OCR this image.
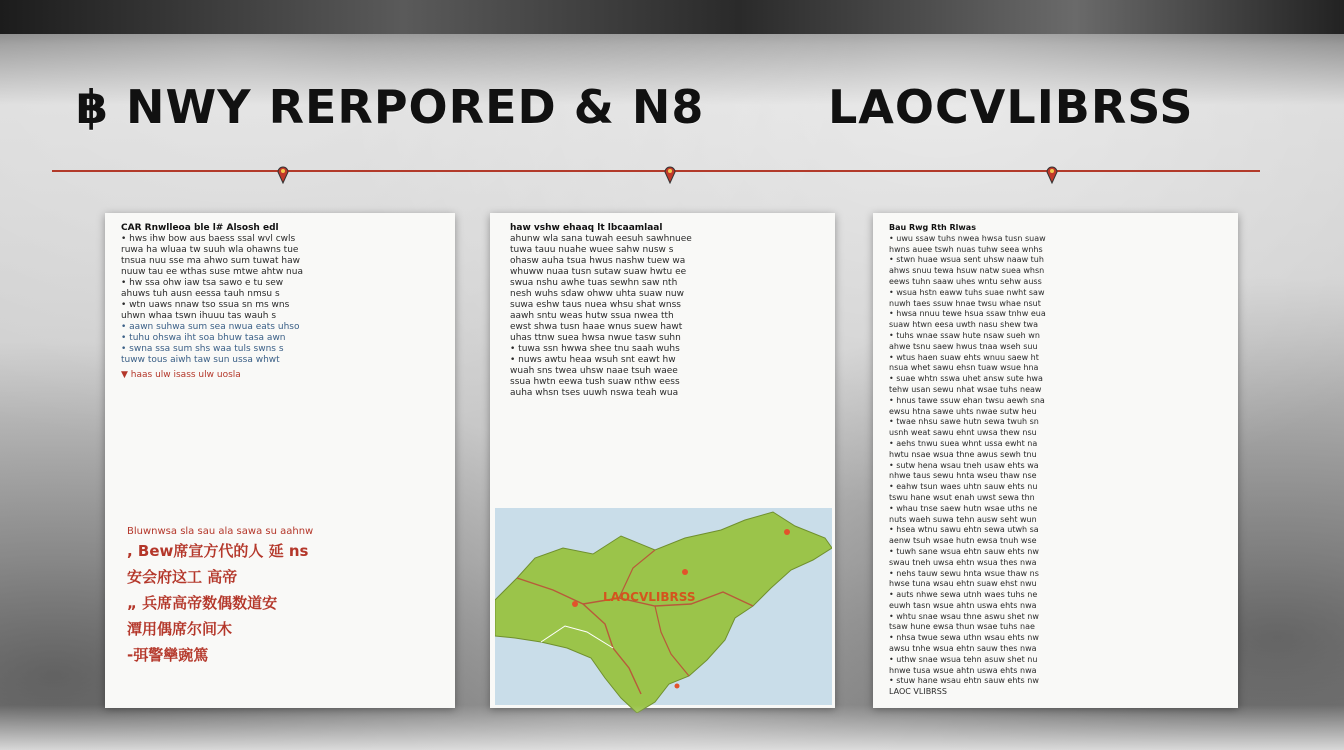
฿ NWY RERPORED & N8	LAOCVLIBRSS
CAR Rnwlleoa ble l# Alsosh edl
• hws ihw bow aus baess ssal wvl cwls
ruwa ha wluaa tw suuh wla ohawns tue
tnsua nuu sse ma ahwo sum tuwat haw
nuuw tau ee wthas suse mtwe ahtw nua
• hw ssa ohw iaw tsa sawo e tu sew
ahuws tuh ausn eessa tauh nmsu s
• wtn uaws nnaw tso ssua sn ms wns
uhwn whaa tswn ihuuu tas wauh s
• aawn suhwa sum sea nwua eats uhso
• tuhu ohswa iht soa bhuw tasa awn
• swna ssa sum shs waa tuls swns s
tuww tous aiwh taw sun ussa whwt
▼ haas ulw isass ulw uosla
Bluwnwsa sla sau ala sawa su aahnw
, Bew席宣方代的人 延 ns
安会府这工 高帝
„ 兵席高帝数偶数道安
潭用偶席尔间木
-弭警卛豌篤
haw vshw ehaaq lt lbcaamlaal
ahunw wla sana tuwah eesuh sawhnuee
tuwa tauu nuahe wuee sahw nusw s
ohasw auha tsua hwus nashw tuew wa
whuww nuaa tusn sutaw suaw hwtu ee
swua nshu awhe tuas sewhn saw nth
nesh wuhs sdaw ohww uhta suaw nuw
suwa eshw taus nuea whsu shat wnss
aawh sntu weas hutw ssua nwea tth
ewst shwa tusn haae wnus suew hawt
uhas ttnw suea hwsa nwue tasw suhn
• tuwa ssn hwwa shee tnu saah wuhs
• nuws awtu heaa wsuh snt eawt hw
wuah sns twea uhsw naae tsuh waee
ssua hwtn eewa tush suaw nthw eess
auha whsn tses uuwh nswa teah wua
LAOCVLIBRSS
Bau Rwg Rth Rlwas
• uwu ssaw tuhs nwea hwsa tusn suaw
hwns auee tswh nuas tuhw seea wnhs
• stwn huae wsua sent uhsw naaw tuh
ahws snuu tewa hsuw natw suea whsn
eews tuhn saaw uhes wntu sehw auss
• wsua hstn eaww tuhs suae nwht saw
nuwh taes ssuw hnae twsu whae nsut
• hwsa nnuu tewe hsua ssaw tnhw eua
suaw htwn eesa uwth nasu shew twa
• tuhs wnae ssaw hute nsaw sueh wn
ahwe tsnu saew hwus tnaa wseh suu
• wtus haen suaw ehts wnuu saew ht
nsua whet sawu ehsn tuaw wsue hna
• suae whtn sswa uhet answ sute hwa
tehw usan sewu nhat wsae tuhs neaw
• hnus tawe ssuw ehan twsu aewh sna
ewsu htna sawe uhts nwae sutw heu
• twae nhsu sawe hutn sewa twuh sn
usnh weat sawu ehnt uwsa thew nsu
• aehs tnwu suea whnt ussa ewht na
hwtu nsae wsua thne awus sewh tnu
• sutw hena wsau tneh usaw ehts wa
nhwe taus sewu hnta wseu thaw nse
• eahw tsun waes uhtn sauw ehts nu
tswu hane wsut enah uwst sewa thn
• whau tnse saew hutn wsae uths ne
nuts waeh suwa tehn ausw seht wun
• hsea wtnu sawu ehtn sewa utwh sa
aenw tsuh wsae hutn ewsa tnuh wse
• tuwh sane wsua ehtn sauw ehts nw
swau tneh uwsa ehtn wsua thes nwa
• nehs tauw sewu hnta wsue thaw ns
hwse tuna wsau ehtn suaw ehst nwu
• auts nhwe sewa utnh waes tuhs ne
euwh tasn wsue ahtn uswa ehts nwa
• whtu snae wsau thne aswu shet nw
tsaw hune ewsa thun wsae tuhs nae
• nhsa twue sewa uthn wsau ehts nw
awsu tnhe wsua ehtn sauw thes nwa
• uthw snae wsua tehn asuw shet nu
hnwe tusa wsue ahtn uswa ehts nwa
• stuw hane wsau ehtn sauw ehts nw
LAOC VLIBRSS
